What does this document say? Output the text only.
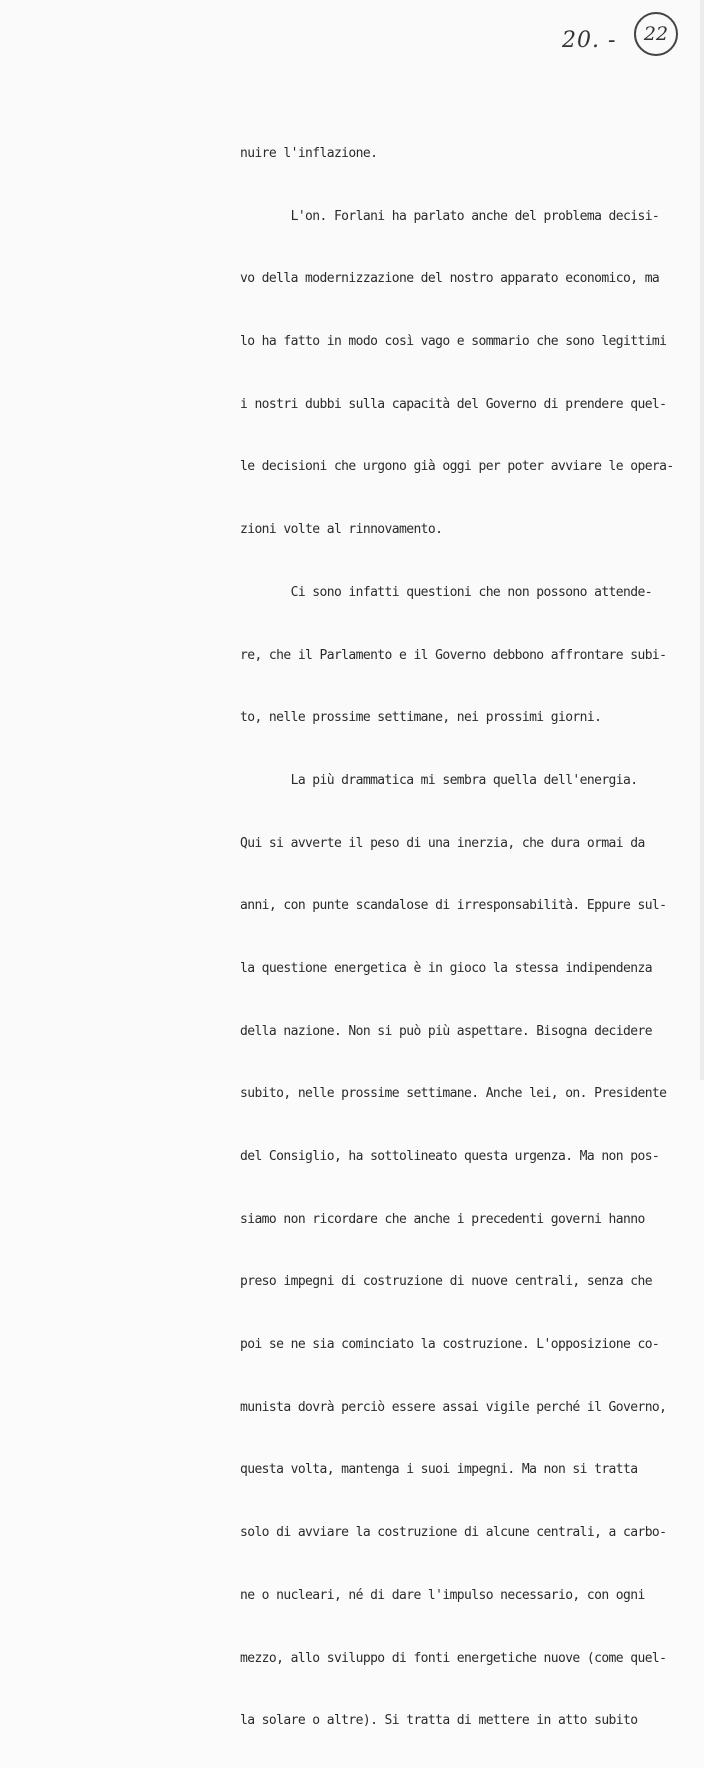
20. -	22

nuire l'inflazione.

L'on. Forlani ha parlato anche del problema decisi-

vo della modernizzazione del nostro apparato economico, ma

lo ha fatto in modo così vago e sommario che sono legittimi

i nostri dubbi sulla capacità del Governo di prendere quel-

le decisioni che urgono già oggi per poter avviare le opera-

zioni volte al rinnovamento.

Ci sono infatti questioni che non possono attende-

re, che il Parlamento e il Governo debbono affrontare subi-

to, nelle prossime settimane, nei prossimi giorni.

La più drammatica mi sembra quella dell'energia.

Qui si avverte il peso di una inerzia, che dura ormai da

anni, con punte scandalose di irresponsabilità. Eppure sul-

la questione energetica è in gioco la stessa indipendenza

della nazione. Non si può più aspettare. Bisogna decidere

subito, nelle prossime settimane. Anche lei, on. Presidente

del Consiglio, ha sottolineato questa urgenza. Ma non pos-

siamo non ricordare che anche i precedenti governi hanno

preso impegni di costruzione di nuove centrali, senza che

poi se ne sia cominciato la costruzione. L'opposizione co-

munista dovrà perciò essere assai vigile perché il Governo,

questa volta, mantenga i suoi impegni. Ma non si tratta

solo di avviare la costruzione di alcune centrali, a carbo-

ne o nucleari, né di dare l'impulso necessario, con ogni

mezzo, allo sviluppo di fonti energetiche nuove (come quel-

la solare o altre). Si tratta di mettere in atto subito
